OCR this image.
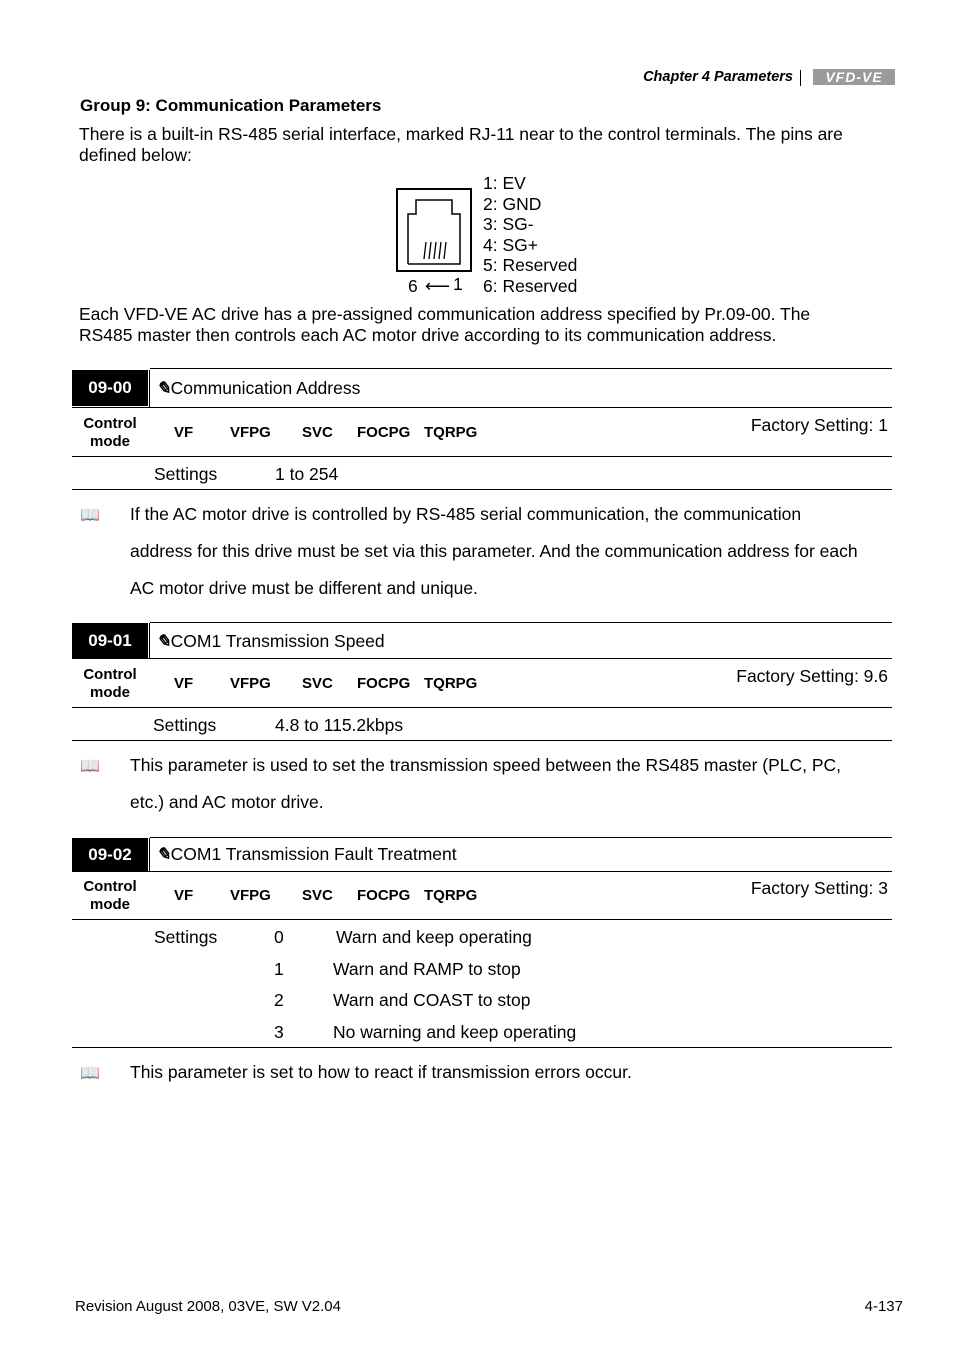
Chapter 4 Parameters	VFD-VE
Group 9: Communication Parameters
There is a built-in RS-485 serial interface, marked RJ-11 near to the control terminals. The pins are
defined below:
6 ⟵ 1
1: EV
2: GND
3: SG-
4: SG+
5: Reserved
6: Reserved
Each VFD-VE AC drive has a pre-assigned communication address specified by Pr.09-00. The
RS485 master then controls each AC motor drive according to its communication address.
09-00	✎Communication Address
Control
mode
VF VFPG SVC FOCPG TQRPG	Factory Setting: 1
Settings	1 to 254
📖 If the AC motor drive is controlled by RS-485 serial communication, the communication
address for this drive must be set via this parameter. And the communication address for each
AC motor drive must be different and unique.
09-01	✎COM1 Transmission Speed
Control
mode
VF VFPG SVC FOCPG TQRPG	Factory Setting: 9.6
Settings	4.8 to 115.2kbps
📖 This parameter is used to set the transmission speed between the RS485 master (PLC, PC,
etc.) and AC motor drive.
09-02	✎COM1 Transmission Fault Treatment
Control
mode
VF VFPG SVC FOCPG TQRPG	Factory Setting: 3
Settings	0	Warn and keep operating
1	Warn and RAMP to stop
2	Warn and COAST to stop
3	No warning and keep operating
📖 This parameter is set to how to react if transmission errors occur.
Revision August 2008, 03VE, SW V2.04	4-137
